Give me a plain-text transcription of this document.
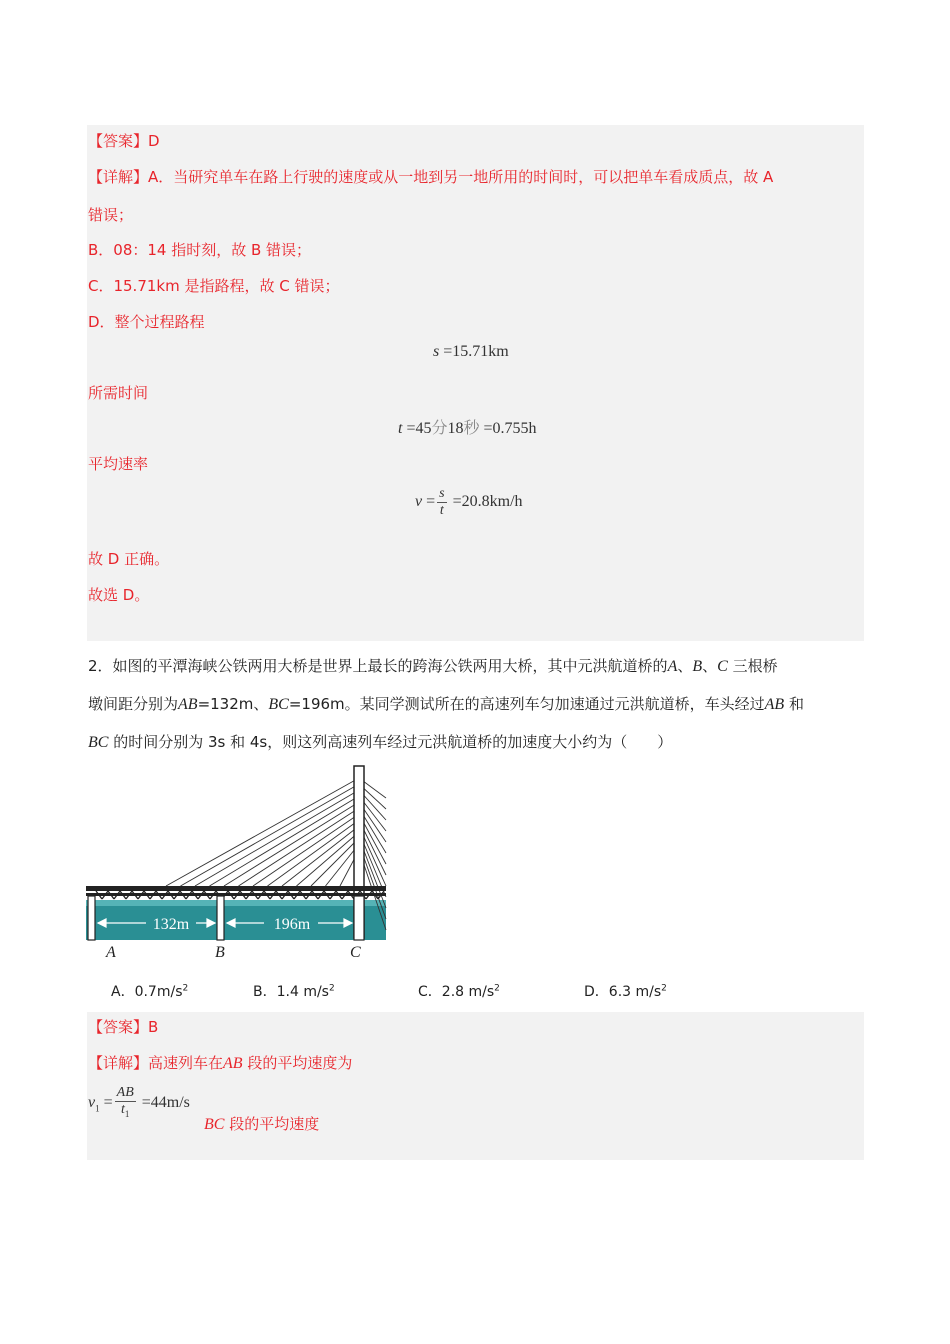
【答案】D
【详解】A．当研究单车在路上行驶的速度或从一地到另一地所用的时间时，可以把单车看成质点，故 A
错误；
B．08：14 指时刻，故 B 错误；
C．15.71km 是指路程，故 C 错误；
D．整个过程路程
s =15.71km
所需时间
t =45分18秒 =0.755h
平均速率
$v = \frac{s}{t} =20.8km/h$
故 D 正确。
故选 D。
2．如图的平潭海峡公铁两用大桥是世界上最长的跨海公铁两用大桥，其中元洪航道桥的A、B、C 三根桥
墩间距分别为AB=132m、BC=196m。某同学测试所在的高速列车匀加速通过元洪航道桥，车头经过AB 和
BC 的时间分别为 3s 和 4s，则这列高速列车经过元洪航道桥的加速度大小约为（　　）
132m	196m
A	B	C
A．$0.7m/s^2$	B．1.4 $m/s^2$	C．2.8 $m/s^2$	D．6.3 $m/s^2$
【答案】B
【详解】高速列车在AB 段的平均速度为
$v_1 = \frac{AB}{t_1} =44m/s$
BC 段的平均速度
